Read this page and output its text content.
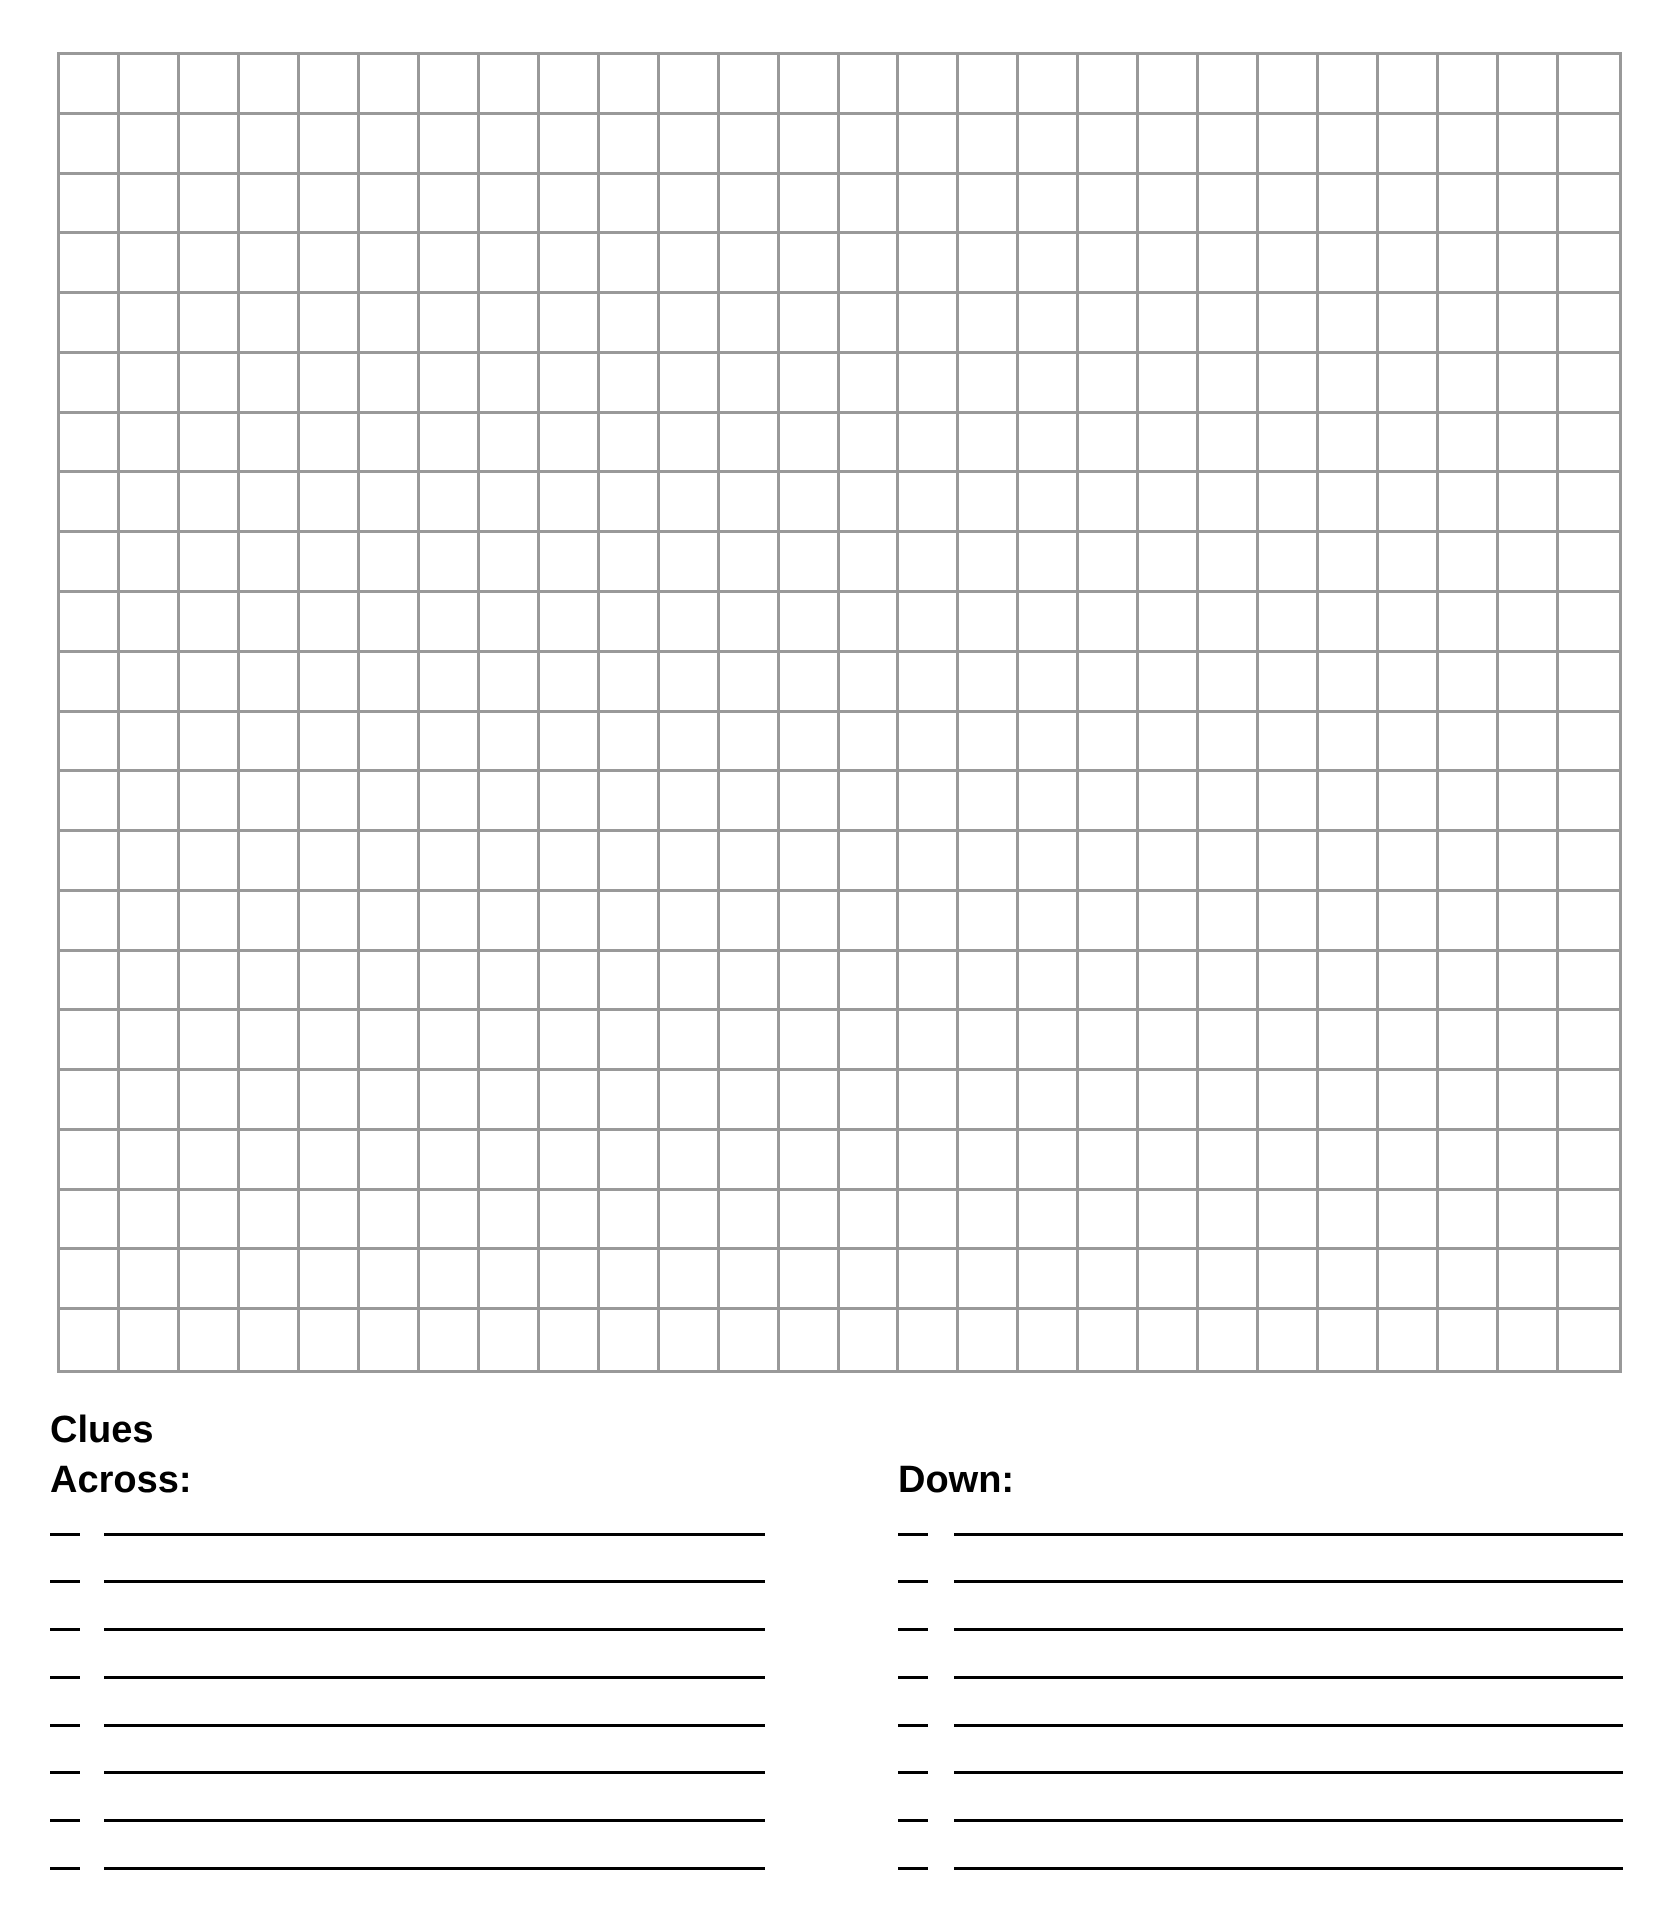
Clues
Across:	Down:
